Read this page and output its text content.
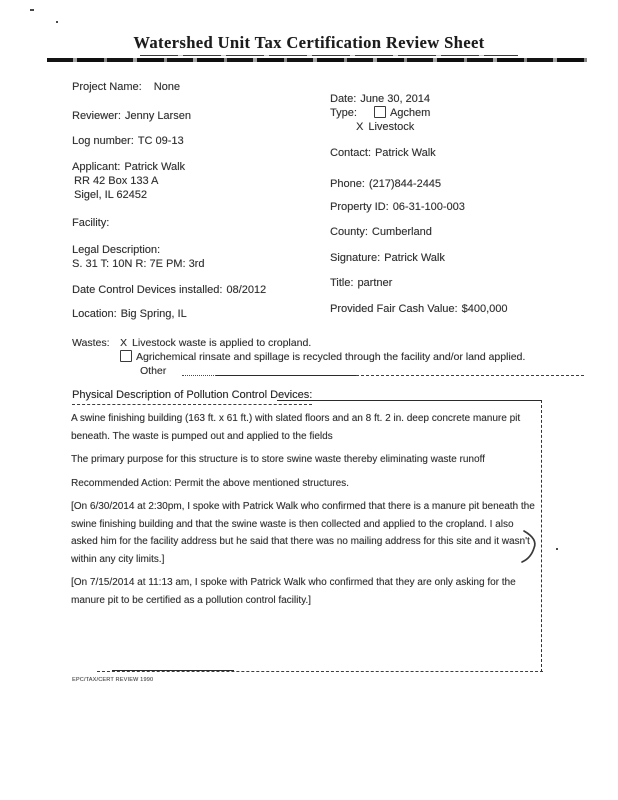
Watershed Unit Tax Certification Review Sheet
Project Name: None
Reviewer: Jenny Larsen
Log number: TC 09-13
Applicant: Patrick Walk
RR 42 Box 133 A
Sigel, IL 62452
Facility:
Legal Description:
S. 31 T: 10N R: 7E PM: 3rd
Date Control Devices installed: 08/2012
Location: Big Spring, IL
Date: June 30, 2014
Type:	Agchem
X Livestock
Contact: Patrick Walk
Phone: (217)844-2445
Property ID: 06-31-100-003
County: Cumberland
Signature: Patrick Walk
Title: partner
Provided Fair Cash Value: $400,000
Wastes: X Livestock waste is applied to cropland.
Agrichemical rinsate and spillage is recycled through the facility and/or land applied.
Other
Physical Description of Pollution Control Devices:

A swine finishing building (163 ft. x 61 ft.) with slated floors and an 8 ft. 2 in. deep concrete manure pit beneath. The waste is pumped out and applied to the fields

The primary purpose for this structure is to store swine waste thereby eliminating waste runoff

Recommended Action: Permit the above mentioned structures.

[On 6/30/2014 at 2:30pm, I spoke with Patrick Walk who confirmed that there is a manure pit beneath the swine finishing building and that the swine waste is then collected and applied to the cropland. I also asked him for the facility address but he said that there was no mailing address for this site and it wasn't within any city limits.]

[On 7/15/2014 at 11:13 am, I spoke with Patrick Walk who confirmed that they are only asking for the manure pit to be certified as a pollution control facility.]

EPC/TAX/CERT REVIEW 1990
